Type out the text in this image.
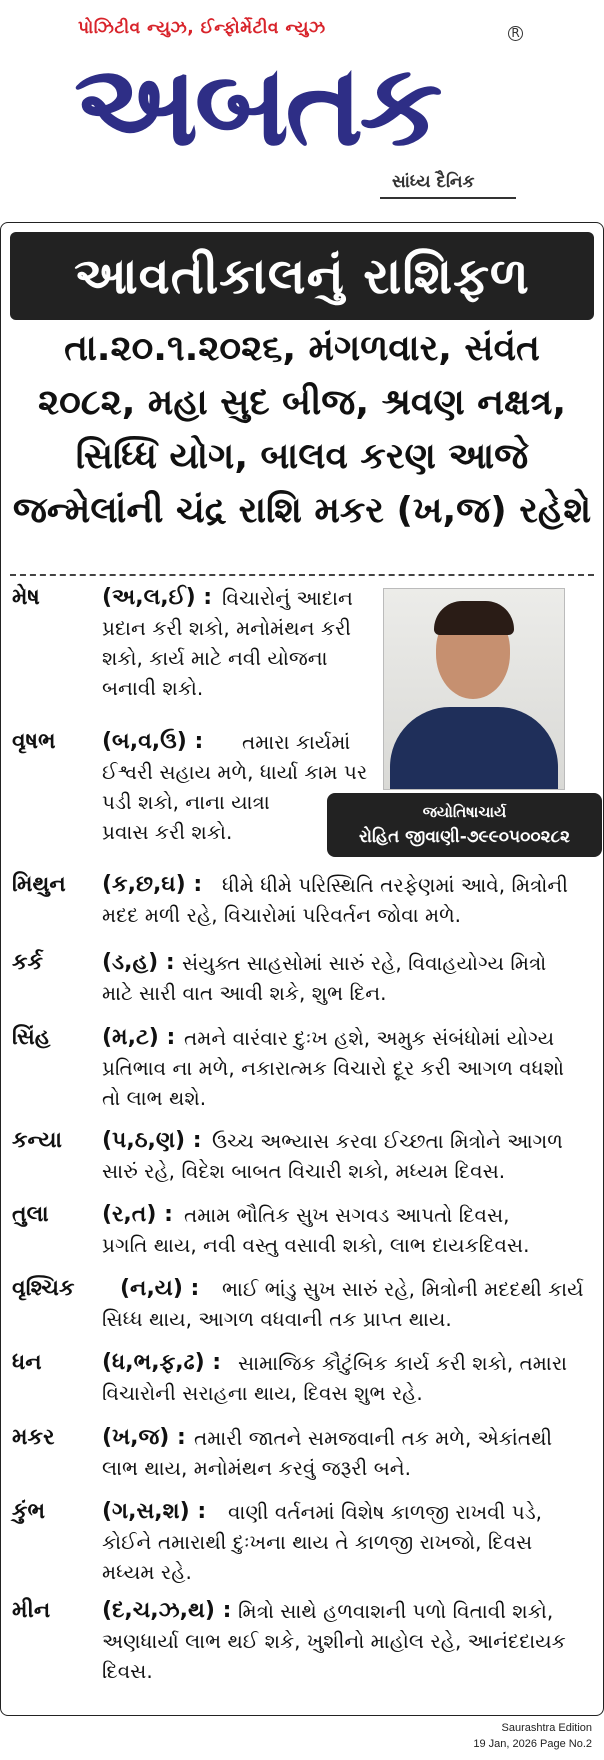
પોઝિટીવ ન્યુઝ, ઈન્ફોર્મેટીવ ન્યુઝ	R
અબતક
સાંધ્ય દૈનિક
આવતીકાલનું રાશિફળ
તા.૨૦.૧.૨૦૨૬, મંગળવાર, સંવંત
૨૦૮૨, મહા સુદ બીજ, શ્રવણ નક્ષત્ર,
સિધ્ધિ યોગ, બાલવ કરણ આજે
જન્મેલાંની ચંદ્ર રાશિ મકર (ખ,જ) રહેશે
જયોતિષાચાર્ય
રોહિત જીવાણી-૭૯૯૦૫૦૦૨૮૨
મેષ	(અ,લ,ઈ) : વિચારોનું આદાન
પ્રદાન કરી શકો, મનોમંથન કરી
શકો, કાર્ય માટે નવી યોજના
બનાવી શકો.
વૃષભ	(બ,વ,ઉ) : તમારા કાર્યમાં
ઈશ્વરી સહાય મળે, ધાર્યા કામ પર
પડી શકો, નાના યાત્રા
પ્રવાસ કરી શકો.
મિથુન	(ક,છ,ઘ) : ધીમે ધીમે પરિસ્થિતિ તરફેણમાં આવે, મિત્રોની
મદદ મળી રહે, વિચારોમાં પરિવર્તન જોવા મળે.
કર્ક	(ડ,હ) : સંયુક્ત સાહસોમાં સારું રહે, વિવાહયોગ્ય મિત્રો
માટે સારી વાત આવી શકે, શુભ દિન.
સિંહ	(મ,ટ) : તમને વારંવાર દુઃખ હશે, અમુક સંબંધોમાં યોગ્ય
પ્રતિભાવ ના મળે, નકારાત્મક વિચારો દૂર કરી આગળ વધશો
તો લાભ થશે.
કન્યા	(પ,ઠ,ણ) : ઉચ્ચ અભ્યાસ કરવા ઈચ્છતા મિત્રોને આગળ
સારું રહે, વિદેશ બાબત વિચારી શકો, મધ્યમ દિવસ.
તુલા	(ર,ત) : તમામ ભૌતિક સુખ સગવડ આપતો દિવસ,
પ્રગતિ થાય, નવી વસ્તુ વસાવી શકો, લાભ દાયકદિવસ.
વૃશ્ચિક	(ન,ય) : ભાઈ ભાંડુ સુખ સારું રહે, મિત્રોની મદદથી કાર્ય
સિધ્ધ થાય, આગળ વધવાની તક પ્રાપ્ત થાય.
ધન	(ધ,ભ,ફ,ઢ) : સામાજિક કૌટુંબિક કાર્ય કરી શકો, તમારા
વિચારોની સરાહના થાય, દિવસ શુભ રહે.
મકર	(ખ,જ) : તમારી જાતને સમજવાની તક મળે, એકાંતથી
લાભ થાય, મનોમંથન કરવું જરૂરી બને.
કુંભ	(ગ,સ,શ) : વાણી વર્તનમાં વિશેષ કાળજી રાખવી પડે,
કોઈને તમારાથી દુઃખના થાય તે કાળજી રાખજો, દિવસ
મધ્યમ રહે.
મીન	(દ,ચ,ઝ,થ) : મિત્રો સાથે હળવાશની પળો વિતાવી શકો,
અણધાર્યા લાભ થઈ શકે, ખુશીનો માહોલ રહે, આનંદદાયક
દિવસ.
Saurashtra Edition
19 Jan, 2026 Page No.2
